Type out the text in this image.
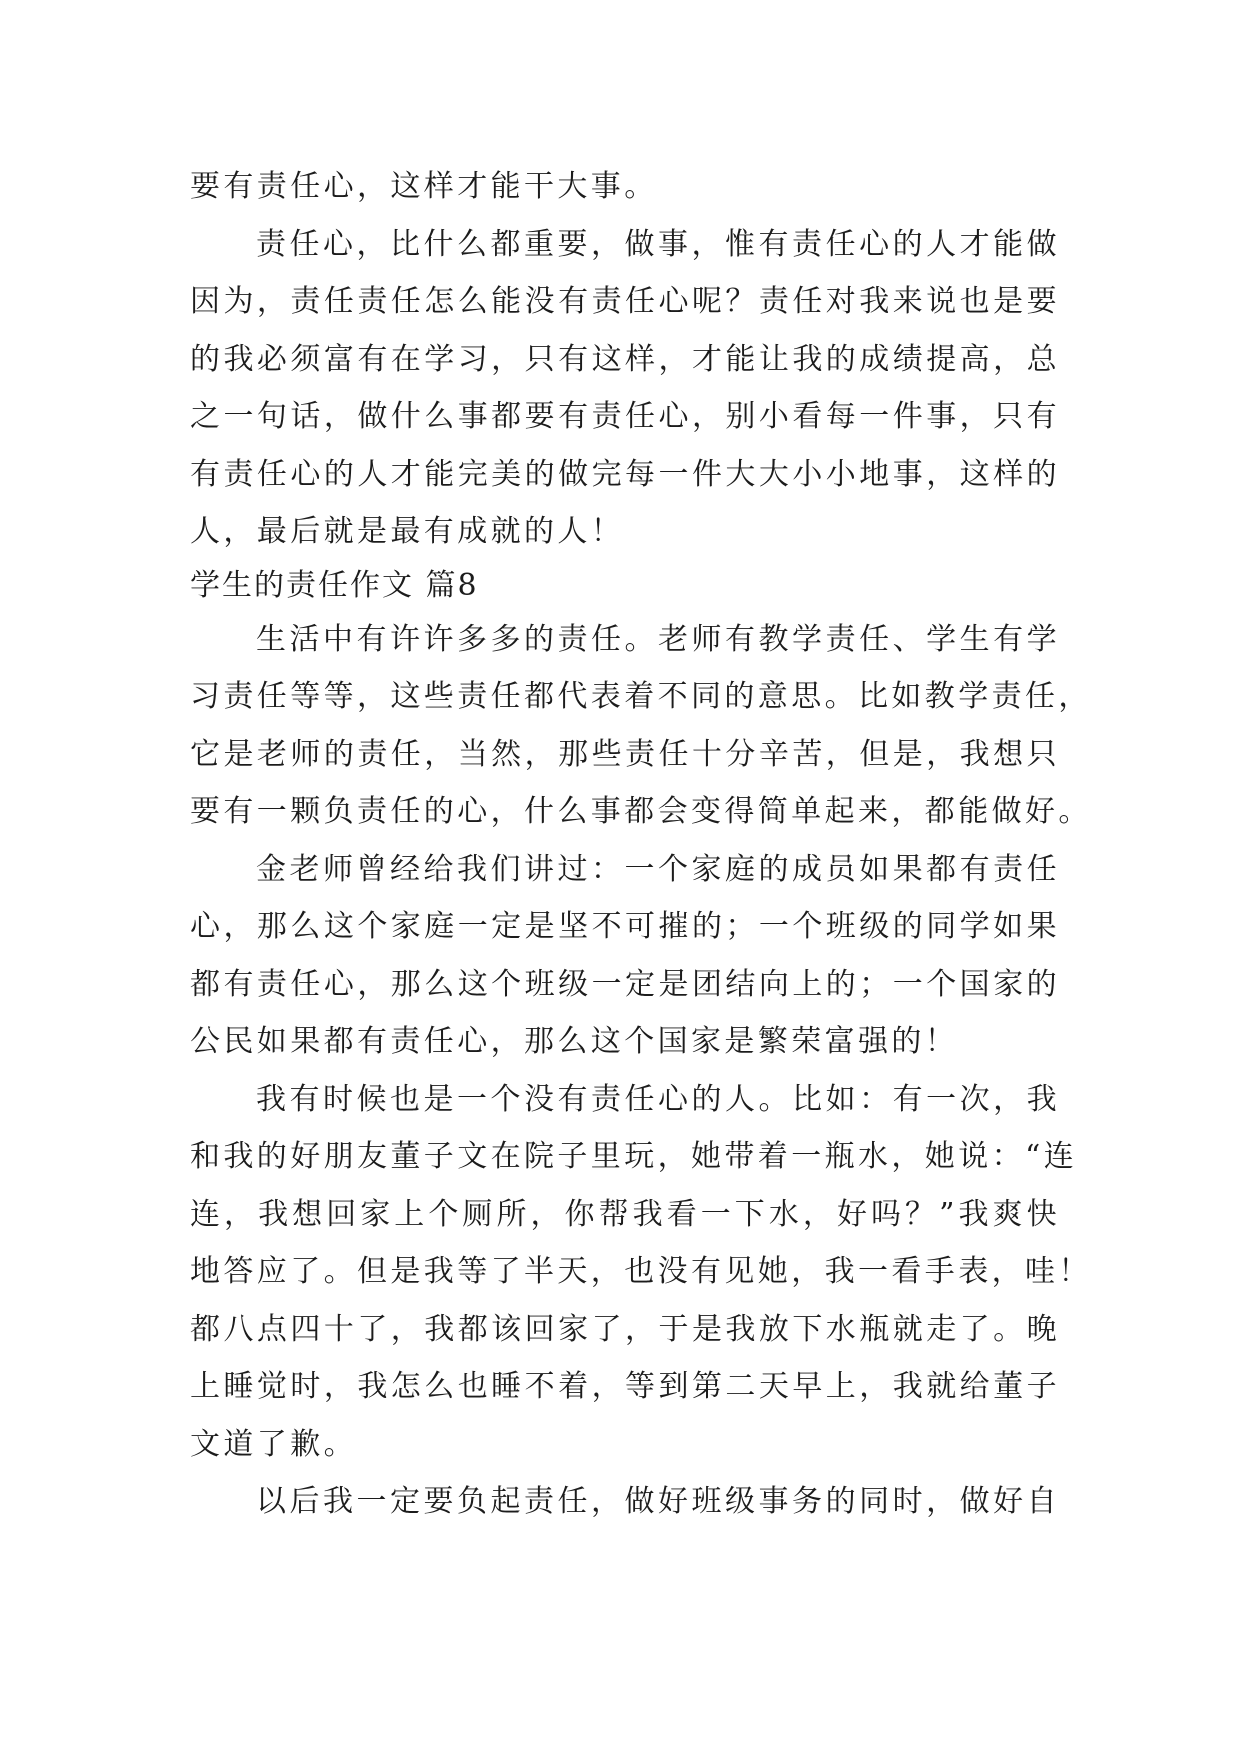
要有责任心，这样才能干大事。
责任心，比什么都重要，做事，惟有责任心的人才能做
因为，责任责任怎么能没有责任心呢？责任对我来说也是要
的我必须富有在学习，只有这样，才能让我的成绩提高，总
之一句话，做什么事都要有责任心，别小看每一件事，只有
有责任心的人才能完美的做完每一件大大小小地事，这样的
人，最后就是最有成就的人！
学生的责任作文 篇8
生活中有许许多多的责任。老师有教学责任、学生有学
习责任等等，这些责任都代表着不同的意思。比如教学责任，
它是老师的责任，当然，那些责任十分辛苦，但是，我想只
要有一颗负责任的心，什么事都会变得简单起来，都能做好。
金老师曾经给我们讲过：一个家庭的成员如果都有责任
心，那么这个家庭一定是坚不可摧的；一个班级的同学如果
都有责任心，那么这个班级一定是团结向上的；一个国家的
公民如果都有责任心，那么这个国家是繁荣富强的！
我有时候也是一个没有责任心的人。比如：有一次，我
和我的好朋友董子文在院子里玩，她带着一瓶水，她说：“连
连，我想回家上个厕所，你帮我看一下水，好吗？”我爽快
地答应了。但是我等了半天，也没有见她，我一看手表，哇！
都八点四十了，我都该回家了，于是我放下水瓶就走了。晚
上睡觉时，我怎么也睡不着，等到第二天早上，我就给董子
文道了歉。
以后我一定要负起责任，做好班级事务的同时，做好自
